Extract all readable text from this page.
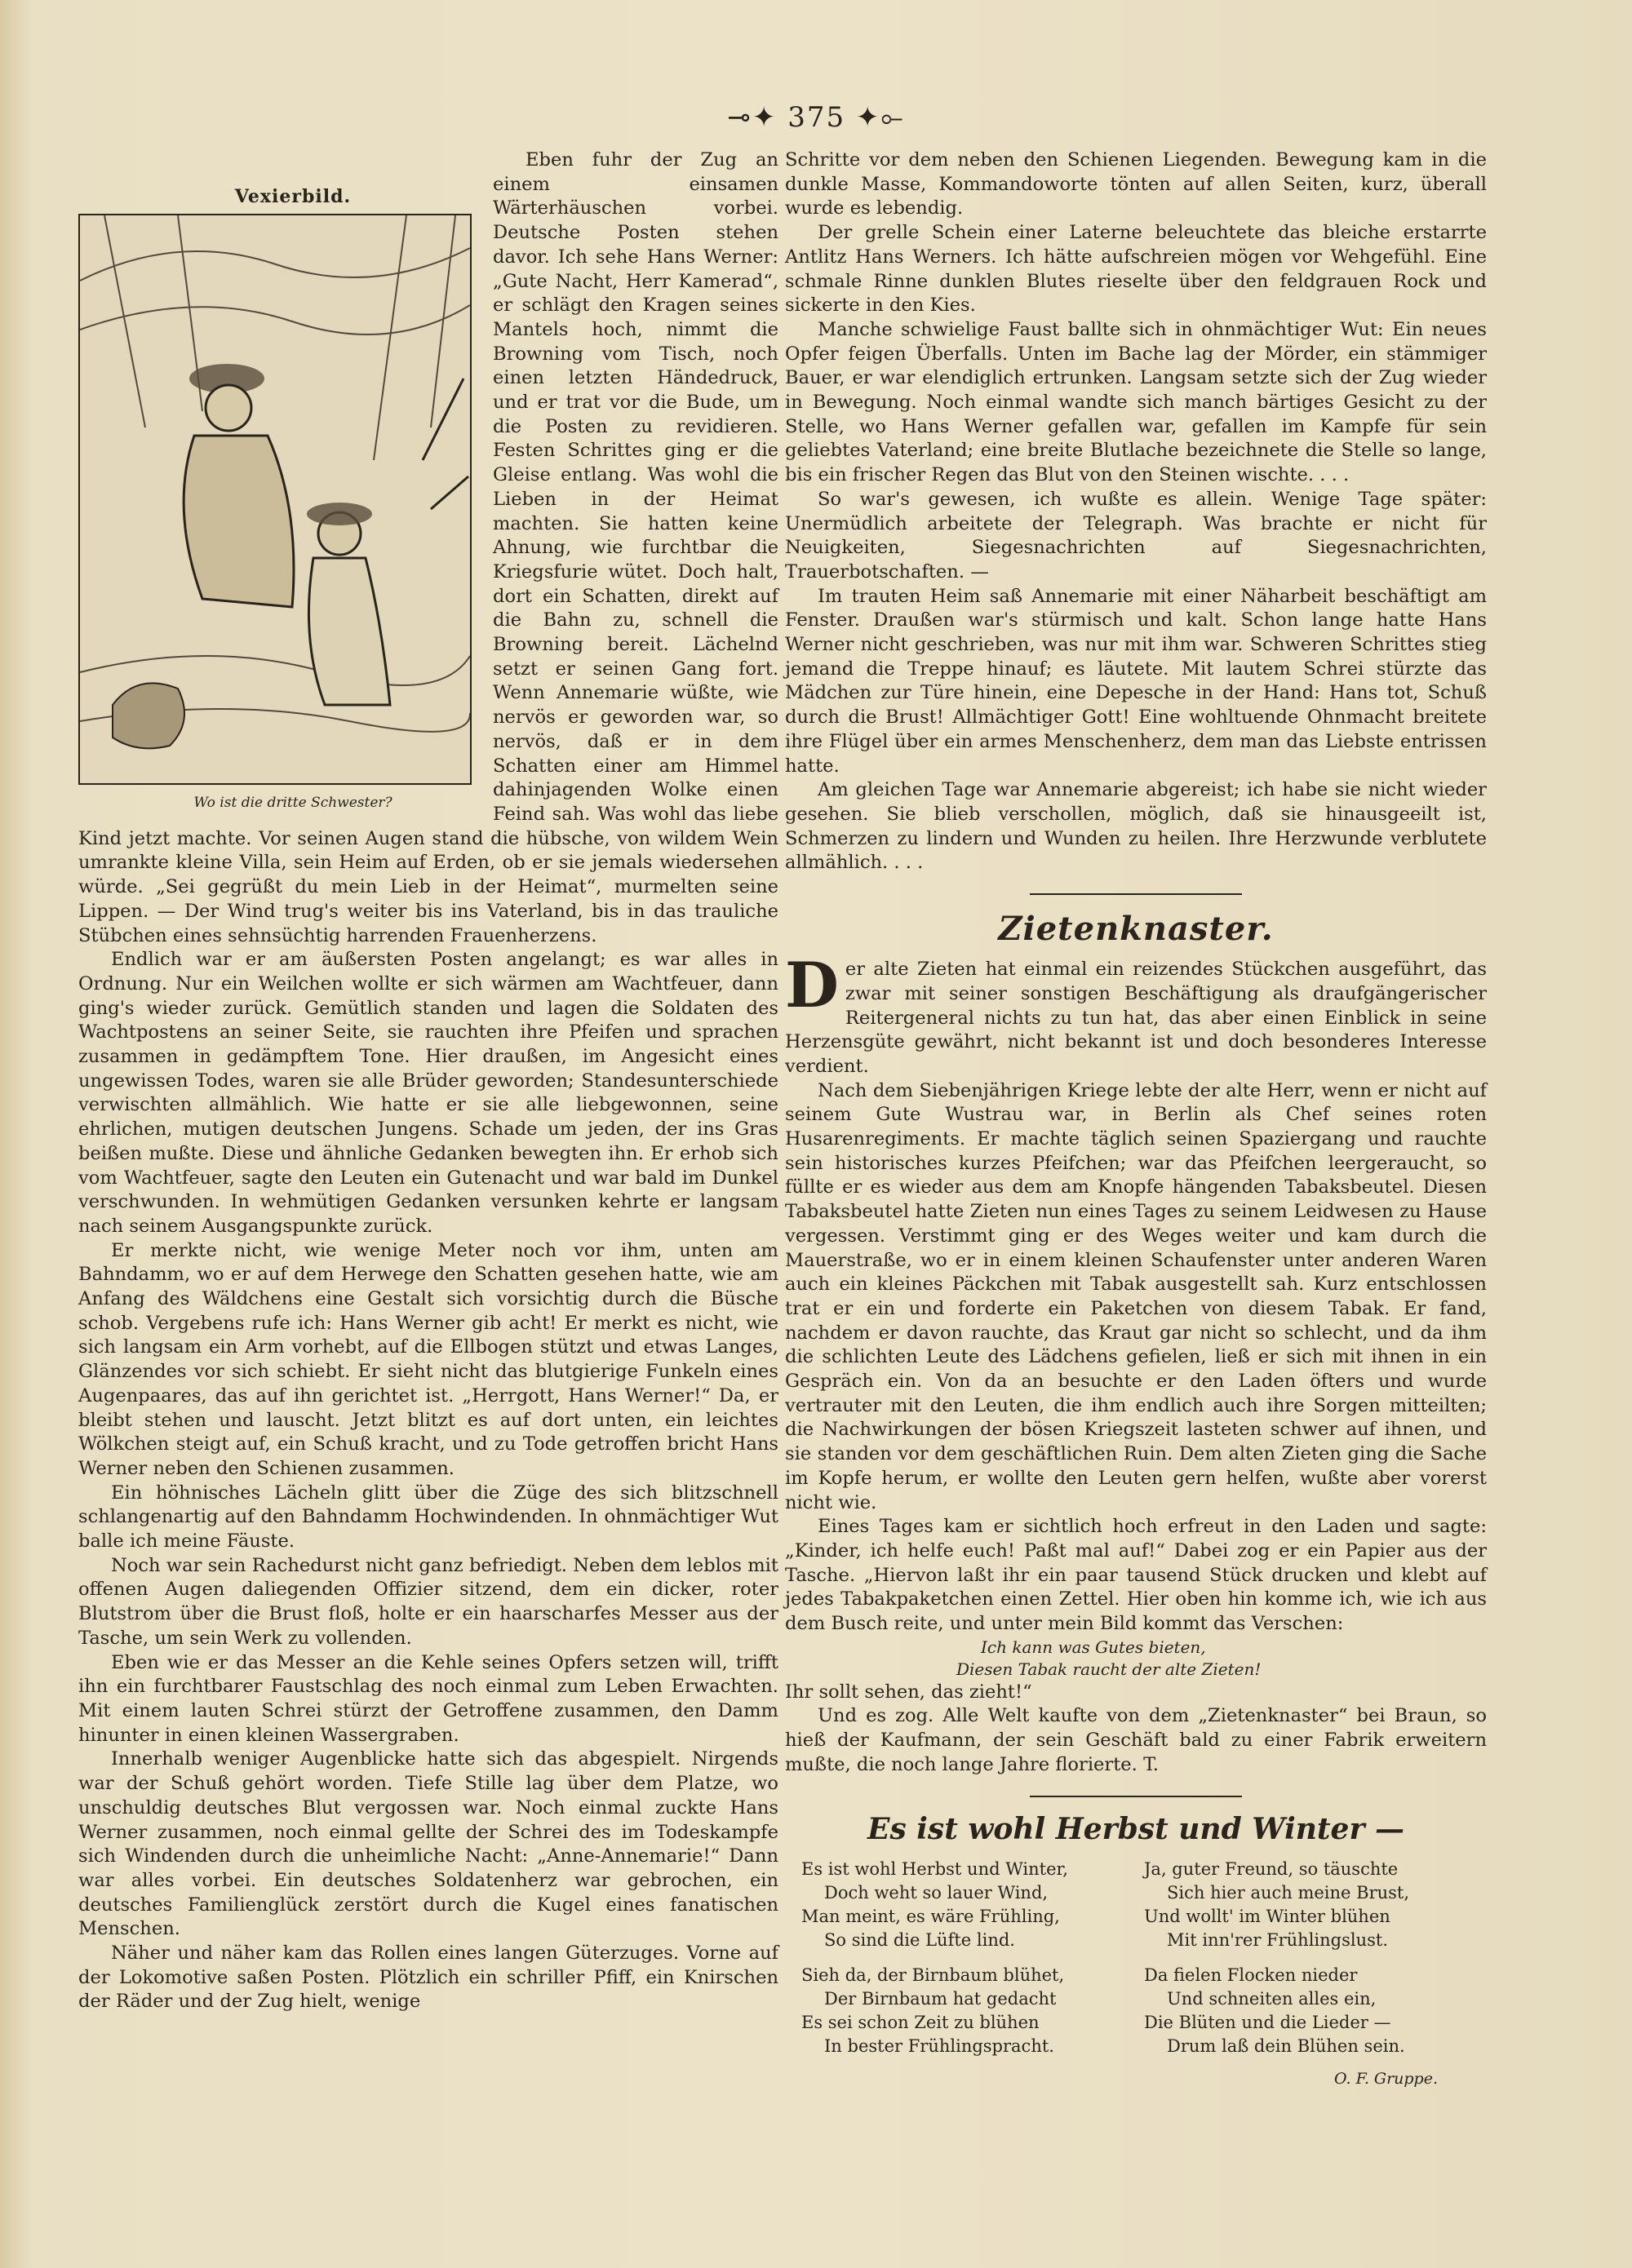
⊸✦ 375 ✦⟜

Vexierbild.
Wo ist die dritte Schwester?
Eben fuhr der Zug an einem einsamen Wärterhäuschen vorbei. Deutsche Posten stehen davor. Ich sehe Hans Werner: „Gute Nacht, Herr Kamerad“, er schlägt den Kragen seines Mantels hoch, nimmt die Browning vom Tisch, noch einen letzten Händedruck, und er trat vor die Bude, um die Posten zu revidieren. Festen Schrittes ging er die Gleise entlang. Was wohl die Lieben in der Heimat machten. Sie hatten keine Ahnung, wie furchtbar die Kriegsfurie wütet. Doch halt, dort ein Schatten, direkt auf die Bahn zu, schnell die Browning bereit. Lächelnd setzt er seinen Gang fort. Wenn Annemarie wüßte, wie nervös er geworden war, so nervös, daß er in dem Schatten einer am Himmel dahinjagenden Wolke einen Feind sah. Was wohl das liebe Kind jetzt machte. Vor seinen Augen stand die hübsche, von wildem Wein umrankte kleine Villa, sein Heim auf Erden, ob er sie jemals wiedersehen würde. „Sei gegrüßt du mein Lieb in der Heimat“, murmelten seine Lippen. — Der Wind trug's weiter bis ins Vaterland, bis in das trauliche Stübchen eines sehnsüchtig harrenden Frauenherzens.

Endlich war er am äußersten Posten angelangt; es war alles in Ordnung. Nur ein Weilchen wollte er sich wärmen am Wachtfeuer, dann ging's wieder zurück. Gemütlich standen und lagen die Soldaten des Wachtpostens an seiner Seite, sie rauchten ihre Pfeifen und sprachen zusammen in gedämpftem Tone. Hier draußen, im Angesicht eines ungewissen Todes, waren sie alle Brüder geworden; Standesunterschiede verwischten allmählich. Wie hatte er sie alle liebgewonnen, seine ehrlichen, mutigen deutschen Jungens. Schade um jeden, der ins Gras beißen mußte. Diese und ähnliche Gedanken bewegten ihn. Er erhob sich vom Wachtfeuer, sagte den Leuten ein Gutenacht und war bald im Dunkel verschwunden. In wehmütigen Gedanken versunken kehrte er langsam nach seinem Ausgangspunkte zurück.

Er merkte nicht, wie wenige Meter noch vor ihm, unten am Bahndamm, wo er auf dem Herwege den Schatten gesehen hatte, wie am Anfang des Wäldchens eine Gestalt sich vorsichtig durch die Büsche schob. Vergebens rufe ich: Hans Werner gib acht! Er merkt es nicht, wie sich langsam ein Arm vorhebt, auf die Ellbogen stützt und etwas Langes, Glänzendes vor sich schiebt. Er sieht nicht das blutgierige Funkeln eines Augenpaares, das auf ihn gerichtet ist. „Herrgott, Hans Werner!“ Da, er bleibt stehen und lauscht. Jetzt blitzt es auf dort unten, ein leichtes Wölkchen steigt auf, ein Schuß kracht, und zu Tode getroffen bricht Hans Werner neben den Schienen zusammen.

Ein höhnisches Lächeln glitt über die Züge des sich blitzschnell schlangenartig auf den Bahndamm Hochwindenden. In ohnmächtiger Wut balle ich meine Fäuste.

Noch war sein Rachedurst nicht ganz befriedigt. Neben dem leblos mit offenen Augen daliegenden Offizier sitzend, dem ein dicker, roter Blutstrom über die Brust floß, holte er ein haarscharfes Messer aus der Tasche, um sein Werk zu vollenden.

Eben wie er das Messer an die Kehle seines Opfers setzen will, trifft ihn ein furchtbarer Faustschlag des noch einmal zum Leben Erwachten. Mit einem lauten Schrei stürzt der Getroffene zusammen, den Damm hinunter in einen kleinen Wassergraben.

Innerhalb weniger Augenblicke hatte sich das abgespielt. Nirgends war der Schuß gehört worden. Tiefe Stille lag über dem Platze, wo unschuldig deutsches Blut vergossen war. Noch einmal zuckte Hans Werner zusammen, noch einmal gellte der Schrei des im Todeskampfe sich Windenden durch die unheimliche Nacht: „Anne-Annemarie!“ Dann war alles vorbei. Ein deutsches Soldatenherz war gebrochen, ein deutsches Familienglück zerstört durch die Kugel eines fanatischen Menschen.

Näher und näher kam das Rollen eines langen Güterzuges. Vorne auf der Lokomotive saßen Posten. Plötzlich ein schriller Pfiff, ein Knirschen der Räder und der Zug hielt, wenige

Schritte vor dem neben den Schienen Liegenden. Bewegung kam in die dunkle Masse, Kommandoworte tönten auf allen Seiten, kurz, überall wurde es lebendig.

Der grelle Schein einer Laterne beleuchtete das bleiche erstarrte Antlitz Hans Werners. Ich hätte aufschreien mögen vor Wehgefühl. Eine schmale Rinne dunklen Blutes rieselte über den feldgrauen Rock und sickerte in den Kies.

Manche schwielige Faust ballte sich in ohnmächtiger Wut: Ein neues Opfer feigen Überfalls. Unten im Bache lag der Mörder, ein stämmiger Bauer, er war elendiglich ertrunken. Langsam setzte sich der Zug wieder in Bewegung. Noch einmal wandte sich manch bärtiges Gesicht zu der Stelle, wo Hans Werner gefallen war, gefallen im Kampfe für sein geliebtes Vaterland; eine breite Blutlache bezeichnete die Stelle so lange, bis ein frischer Regen das Blut von den Steinen wischte. . . .

So war's gewesen, ich wußte es allein. Wenige Tage später: Unermüdlich arbeitete der Telegraph. Was brachte er nicht für Neuigkeiten, Siegesnachrichten auf Siegesnachrichten, Trauerbotschaften. —

Im trauten Heim saß Annemarie mit einer Näharbeit beschäftigt am Fenster. Draußen war's stürmisch und kalt. Schon lange hatte Hans Werner nicht geschrieben, was nur mit ihm war. Schweren Schrittes stieg jemand die Treppe hinauf; es läutete. Mit lautem Schrei stürzte das Mädchen zur Türe hinein, eine Depesche in der Hand: Hans tot, Schuß durch die Brust! Allmächtiger Gott! Eine wohltuende Ohnmacht breitete ihre Flügel über ein armes Menschenherz, dem man das Liebste entrissen hatte.

Am gleichen Tage war Annemarie abgereist; ich habe sie nicht wieder gesehen. Sie blieb verschollen, möglich, daß sie hinausgeeilt ist, Schmerzen zu lindern und Wunden zu heilen. Ihre Herzwunde verblutete allmählich. . . .

Zietenknaster.

Der alte Zieten hat einmal ein reizendes Stückchen ausgeführt, das zwar mit seiner sonstigen Beschäftigung als draufgängerischer Reitergeneral nichts zu tun hat, das aber einen Einblick in seine Herzensgüte gewährt, nicht bekannt ist und doch besonderes Interesse verdient.

Nach dem Siebenjährigen Kriege lebte der alte Herr, wenn er nicht auf seinem Gute Wustrau war, in Berlin als Chef seines roten Husarenregiments. Er machte täglich seinen Spaziergang und rauchte sein historisches kurzes Pfeifchen; war das Pfeifchen leergeraucht, so füllte er es wieder aus dem am Knopfe hängenden Tabaksbeutel. Diesen Tabaksbeutel hatte Zieten nun eines Tages zu seinem Leidwesen zu Hause vergessen. Verstimmt ging er des Weges weiter und kam durch die Mauerstraße, wo er in einem kleinen Schaufenster unter anderen Waren auch ein kleines Päckchen mit Tabak ausgestellt sah. Kurz entschlossen trat er ein und forderte ein Paketchen von diesem Tabak. Er fand, nachdem er davon rauchte, das Kraut gar nicht so schlecht, und da ihm die schlichten Leute des Lädchens gefielen, ließ er sich mit ihnen in ein Gespräch ein. Von da an besuchte er den Laden öfters und wurde vertrauter mit den Leuten, die ihm endlich auch ihre Sorgen mitteilten; die Nachwirkungen der bösen Kriegszeit lasteten schwer auf ihnen, und sie standen vor dem geschäftlichen Ruin. Dem alten Zieten ging die Sache im Kopfe herum, er wollte den Leuten gern helfen, wußte aber vorerst nicht wie.

Eines Tages kam er sichtlich hoch erfreut in den Laden und sagte: „Kinder, ich helfe euch! Paßt mal auf!“ Dabei zog er ein Papier aus der Tasche. „Hiervon laßt ihr ein paar tausend Stück drucken und klebt auf jedes Tabakpaketchen einen Zettel. Hier oben hin komme ich, wie ich aus dem Busch reite, und unter mein Bild kommt das Verschen:

Ich kann was Gutes bieten,
Diesen Tabak raucht der alte Zieten!

Ihr sollt sehen, das zieht!“

Und es zog. Alle Welt kaufte von dem „Zietenknaster“ bei Braun, so hieß der Kaufmann, der sein Geschäft bald zu einer Fabrik erweitern mußte, die noch lange Jahre florierte. T.

Es ist wohl Herbst und Winter —
Es ist wohl Herbst und Winter,
Doch weht so lauer Wind,
Man meint, es wäre Frühling,
So sind die Lüfte lind.
Sieh da, der Birnbaum blühet,
Der Birnbaum hat gedacht
Es sei schon Zeit zu blühen
In bester Frühlingspracht.
Ja, guter Freund, so täuschte
Sich hier auch meine Brust,
Und wollt' im Winter blühen
Mit inn'rer Frühlingslust.
Da fielen Flocken nieder
Und schneiten alles ein,
Die Blüten und die Lieder —
Drum laß dein Blühen sein.
O. F. Gruppe.
